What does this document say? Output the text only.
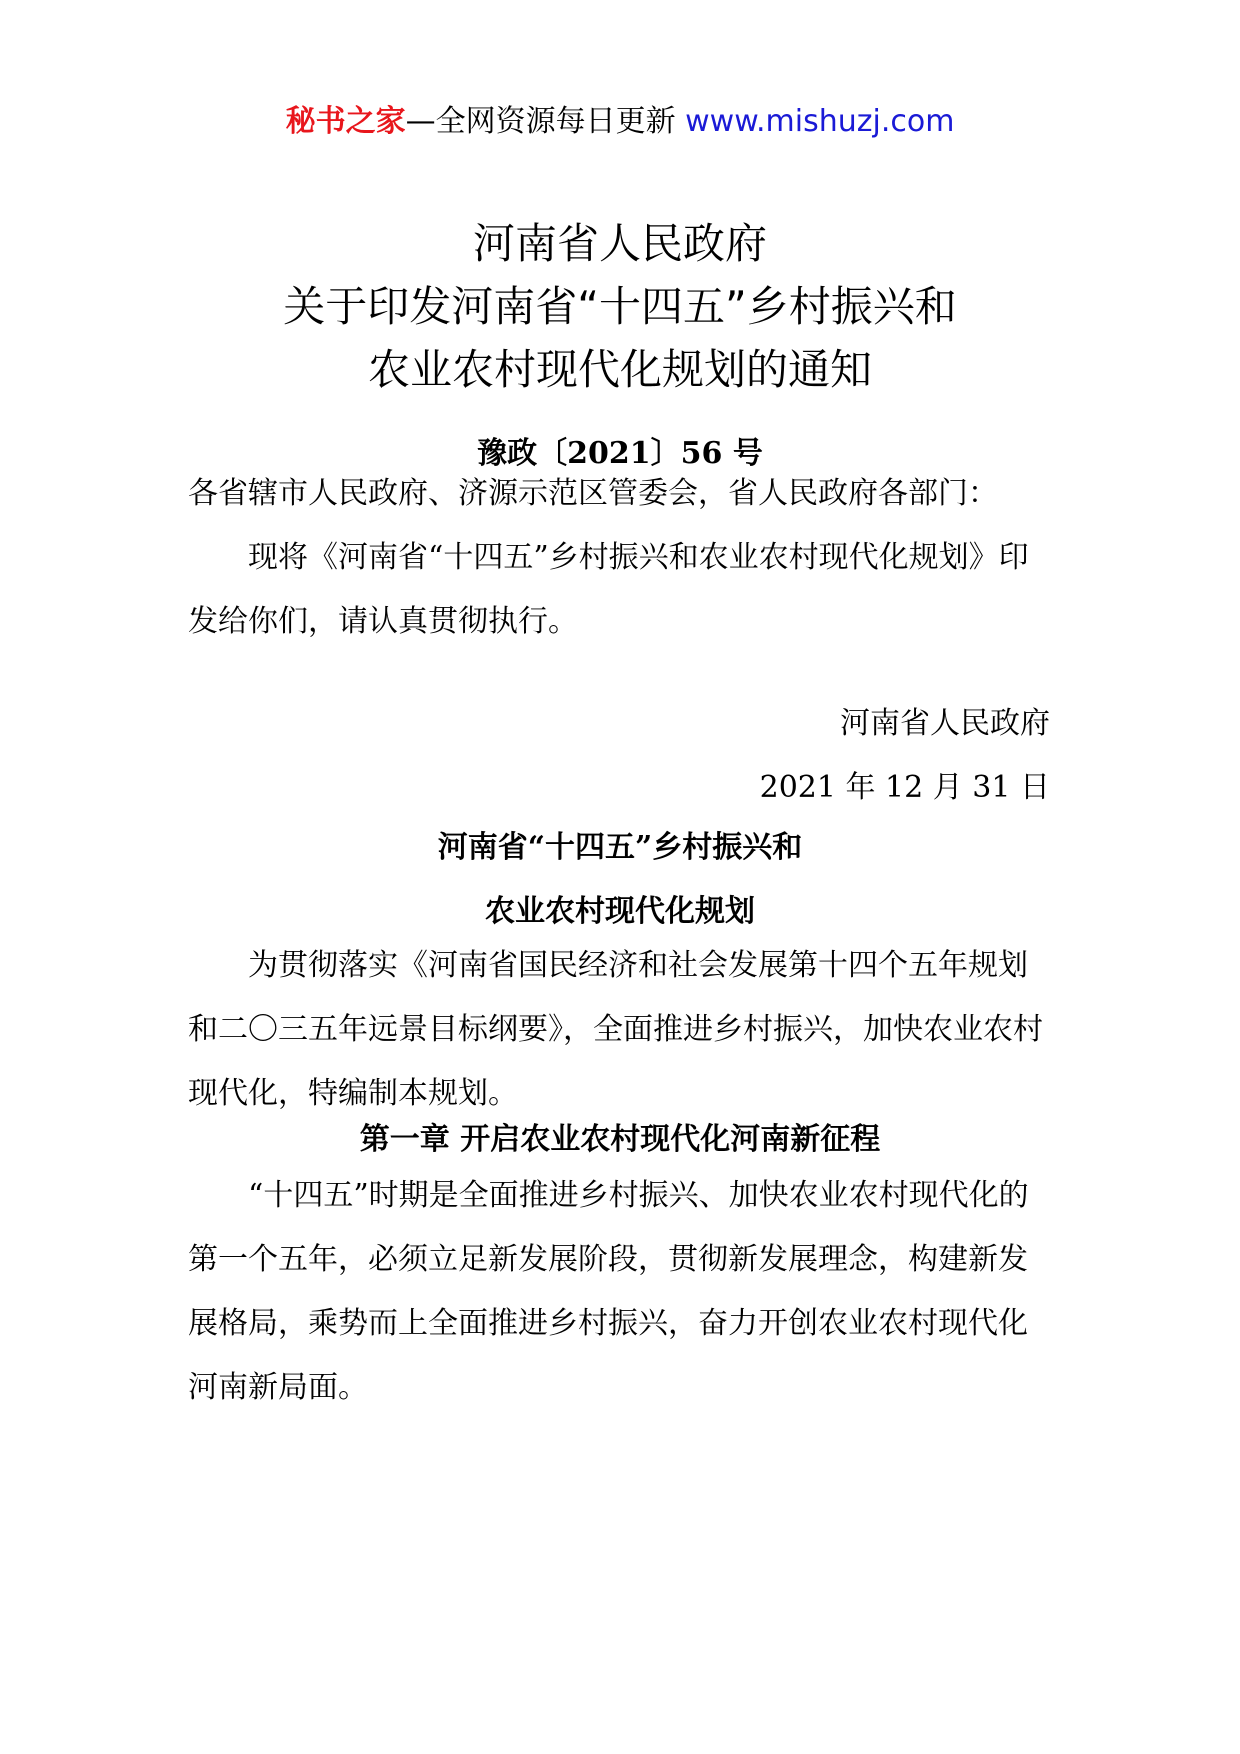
秘书之家—全网资源每日更新 www.mishuzj.com
河南省人民政府
关于印发河南省“十四五”乡村振兴和
农业农村现代化规划的通知
豫政〔2021〕56 号

各省辖市人民政府、济源示范区管委会，省人民政府各部门：

现将《河南省“十四五”乡村振兴和农业农村现代化规划》印发给你们，请认真贯彻执行。

河南省人民政府
2021 年 12 月 31 日
河南省“十四五”乡村振兴和
农业农村现代化规划

为贯彻落实《河南省国民经济和社会发展第十四个五年规划和二〇三五年远景目标纲要》，全面推进乡村振兴，加快农业农村现代化，特编制本规划。

第一章 开启农业农村现代化河南新征程

“十四五”时期是全面推进乡村振兴、加快农业农村现代化的第一个五年，必须立足新发展阶段，贯彻新发展理念，构建新发展格局，乘势而上全面推进乡村振兴，奋力开创农业农村现代化河南新局面。
